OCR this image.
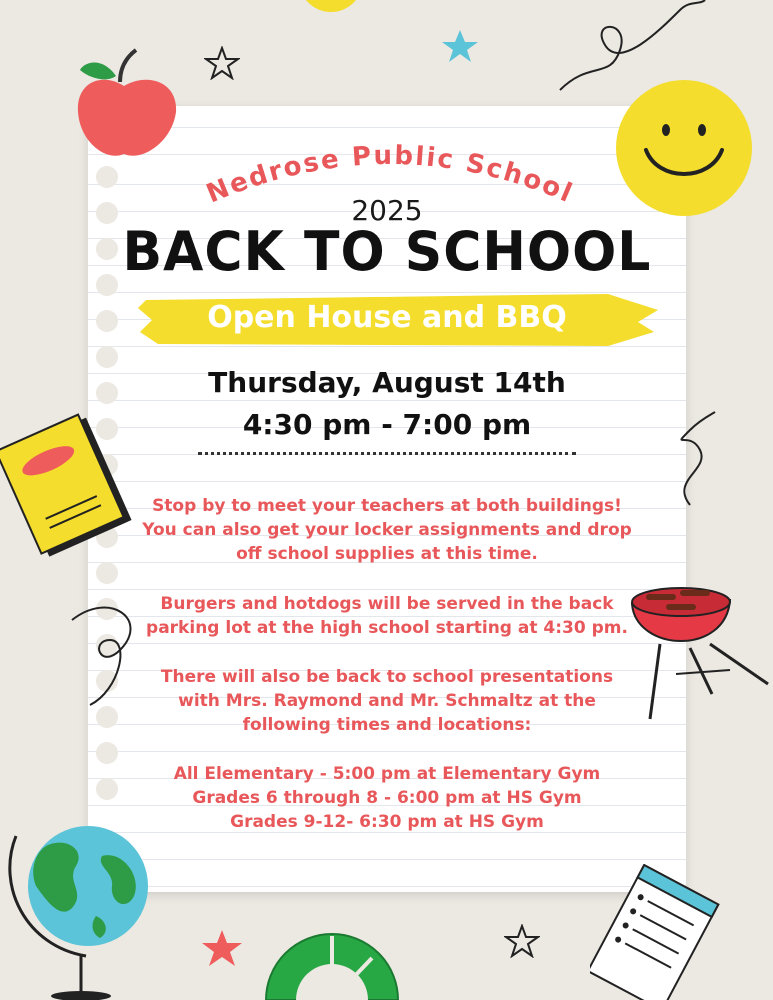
Nedrose Public School
2025
BACK TO SCHOOL
Open House and BBQ
Thursday, August 14th
4:30 pm - 7:00 pm
Stop by to meet your teachers at both buildings!
You can also get your locker assignments and drop
off school supplies at this time.
Burgers and hotdogs will be served in the back
parking lot at the high school starting at 4:30 pm.
There will also be back to school presentations
with Mrs. Raymond and Mr. Schmaltz at the
following times and locations:
All Elementary - 5:00 pm at Elementary Gym
Grades 6 through 8 - 6:00 pm at HS Gym
Grades 9-12- 6:30 pm at HS Gym
